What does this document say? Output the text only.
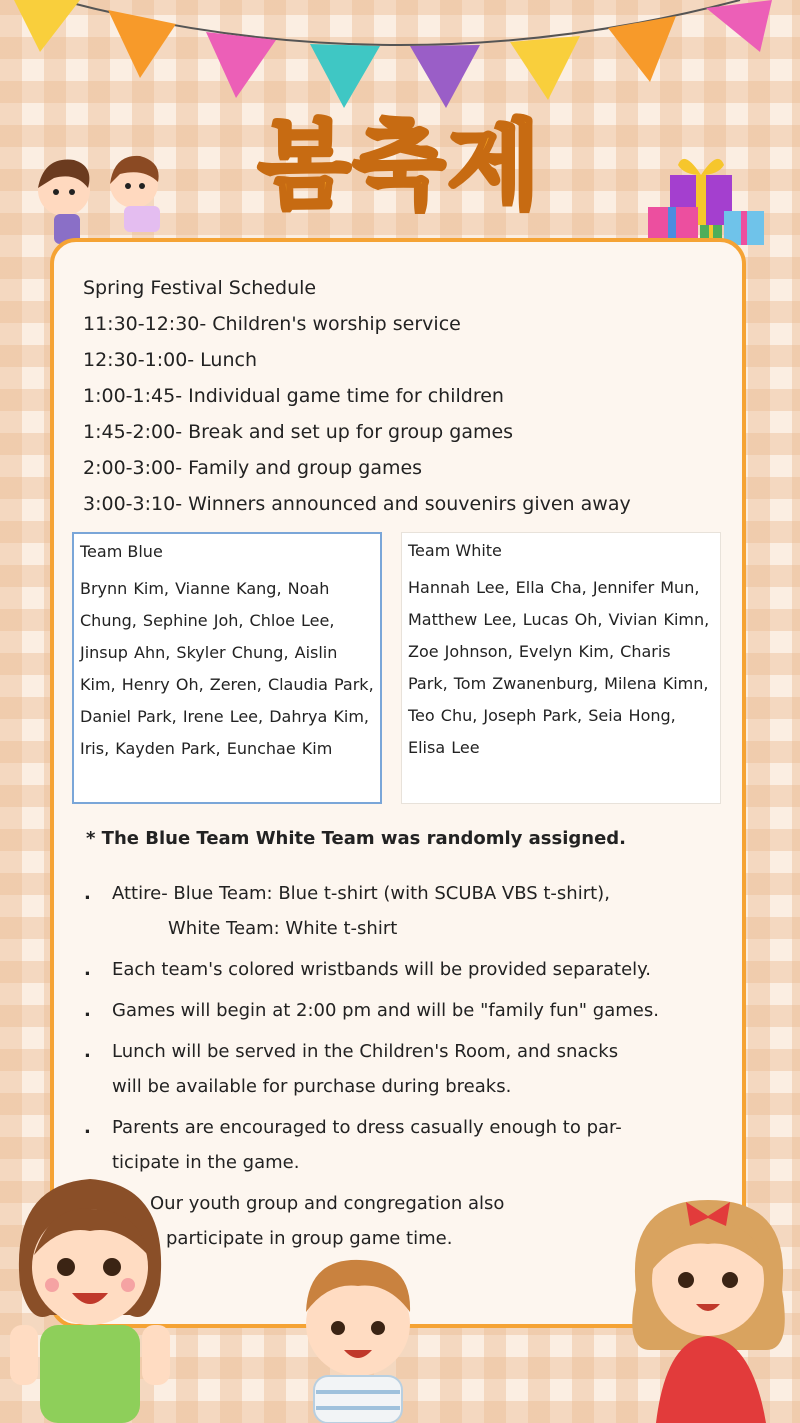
봄축제
Spring Festival Schedule
11:30-12:30- Children's worship service
12:30-1:00- Lunch
1:00-1:45- Individual game time for children
1:45-2:00- Break and set up for group games
2:00-3:00- Family and group games
3:00-3:10- Winners announced and souvenirs given away
Team Blue
Brynn Kim, Vianne Kang, Noah Chung, Sephine Joh, Chloe Lee, Jinsup Ahn, Skyler Chung, Aislin Kim, Henry Oh, Zeren, Claudia Park, Daniel Park, Irene Lee, Dahrya Kim, Iris, Kayden Park, Eunchae Kim
Team White
Hannah Lee, Ella Cha, Jennifer Mun, Matthew Lee, Lucas Oh, Vivian Kimn, Zoe Johnson, Evelyn Kim, Charis Park, Tom Zwanenburg, Milena Kimn, Teo Chu, Joseph Park, Seia Hong, Elisa Lee
* The Blue Team White Team was randomly assigned.
. Attire- Blue Team: Blue t-shirt (with SCUBA VBS t-shirt),
White Team: White t-shirt
. Each team's colored wristbands will be provided separately.
. Games will begin at 2:00 pm and will be "family fun" games.
. Lunch will be served in the Children's Room, and snacks
will be available for purchase during breaks.
. Parents are encouraged to dress casually enough to par-
ticipate in the game.
Our youth group and congregation also
participate in group game time.
